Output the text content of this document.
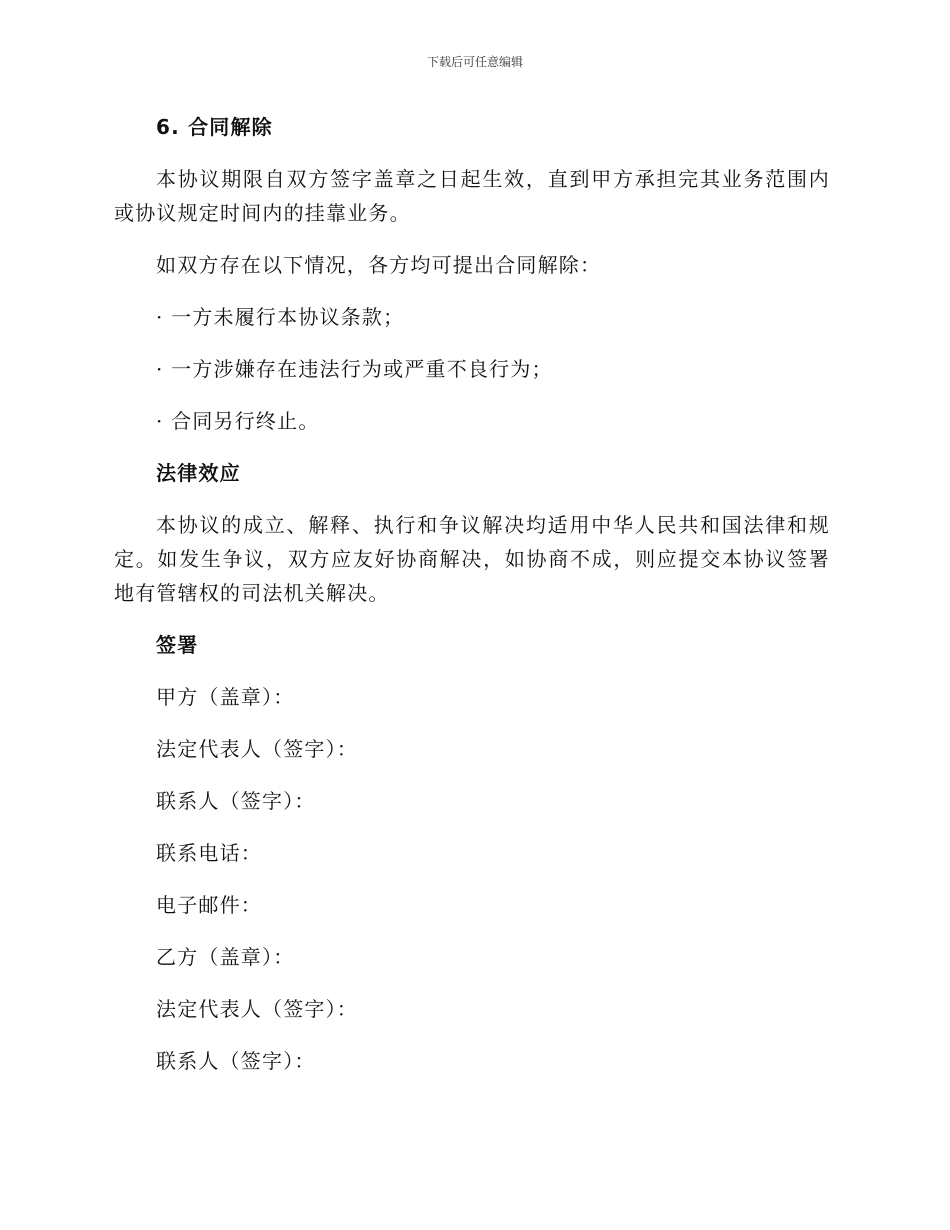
下载后可任意编辑
6. 合同解除

本协议期限自双方签字盖章之日起生效，直到甲方承担完其业务范围内或协议规定时间内的挂靠业务。

如双方存在以下情况，各方均可提出合同解除：

· 一方未履行本协议条款；

· 一方涉嫌存在违法行为或严重不良行为；

· 合同另行终止。

法律效应

本协议的成立、解释、执行和争议解决均适用中华人民共和国法律和规定。如发生争议，双方应友好协商解决，如协商不成，则应提交本协议签署地有管辖权的司法机关解决。

签署

甲方（盖章）：

法定代表人（签字）：

联系人（签字）：

联系电话：

电子邮件：

乙方（盖章）：

法定代表人（签字）：

联系人（签字）：
